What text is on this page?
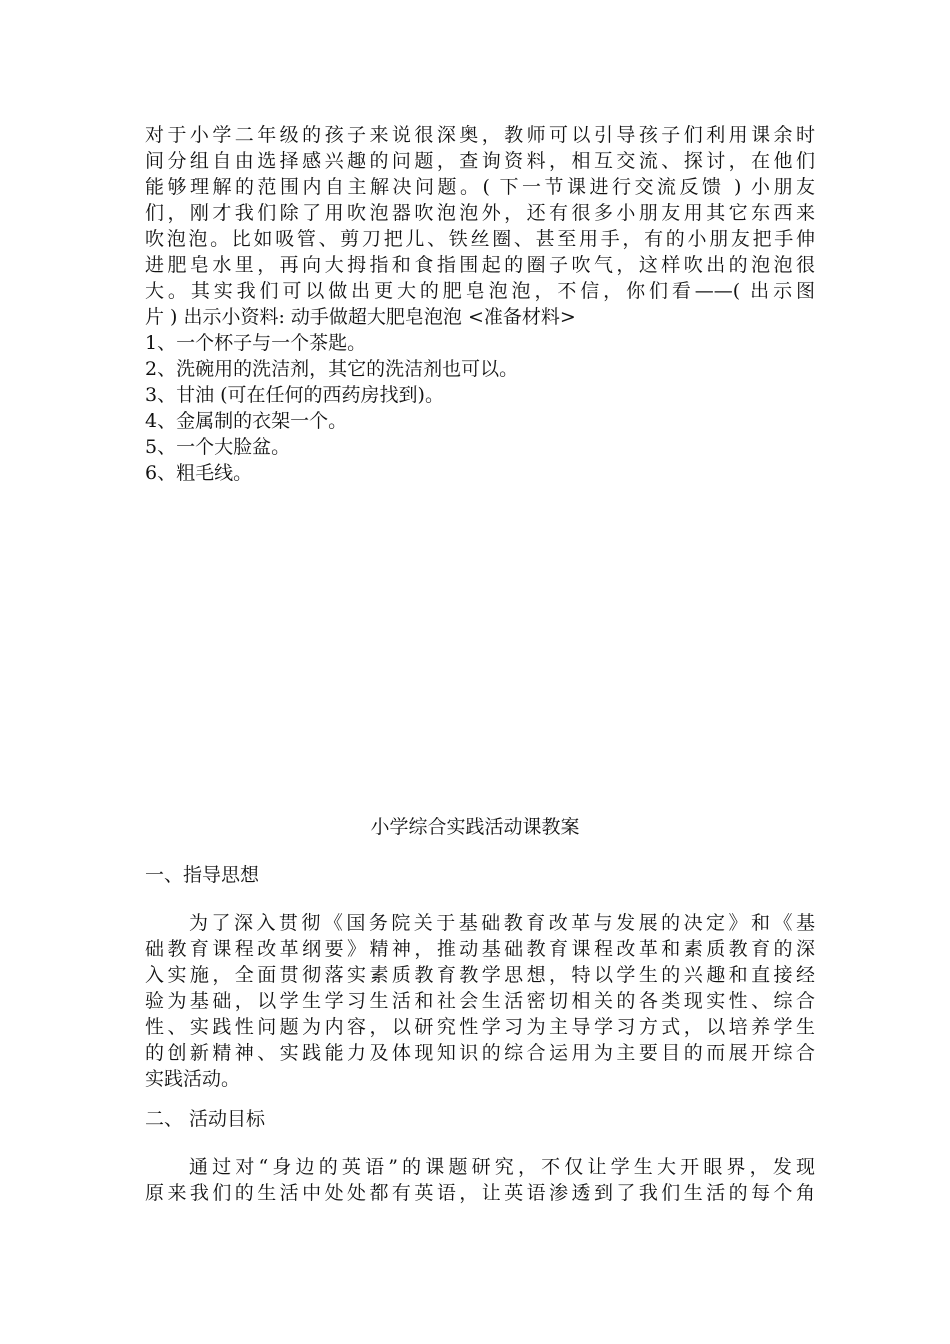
对于小学二年级的孩子来说很深奥，教师可以引导孩子们利用课余时
间分组自由选择感兴趣的问题，查询资料，相互交流、探讨，在他们
能够理解的范围内自主解决问题。( 下一节课进行交流反馈 ) 小朋友
们，刚才我们除了用吹泡器吹泡泡外，还有很多小朋友用其它东西来
吹泡泡。比如吸管、剪刀把儿、铁丝圈、甚至用手，有的小朋友把手伸
进肥皂水里，再向大拇指和食指围起的圈子吹气，这样吹出的泡泡很
大。其实我们可以做出更大的肥皂泡泡，不信，你们看——( 出示图
片 ) 出示小资料: 动手做超大肥皂泡泡 <准备材料>
1、一个杯子与一个茶匙。
2、洗碗用的洗洁剂，其它的洗洁剂也可以。
3、甘油 (可在任何的西药房找到)。
4、金属制的衣架一个。
5、一个大脸盆。
6、粗毛线。
小学综合实践活动课教案
一、指导思想
为了深入贯彻《国务院关于基础教育改革与发展的决定》和《基
础教育课程改革纲要》精神，推动基础教育课程改革和素质教育的深
入实施，全面贯彻落实素质教育教学思想，特以学生的兴趣和直接经
验为基础，以学生学习生活和社会生活密切相关的各类现实性、综合
性、实践性问题为内容，以研究性学习为主导学习方式，以培养学生
的创新精神、实践能力及体现知识的综合运用为主要目的而展开综合
实践活动。
二、 活动目标
通过对“身边的英语”的课题研究，不仅让学生大开眼界，发现
原来我们的生活中处处都有英语，让英语渗透到了我们生活的每个角
